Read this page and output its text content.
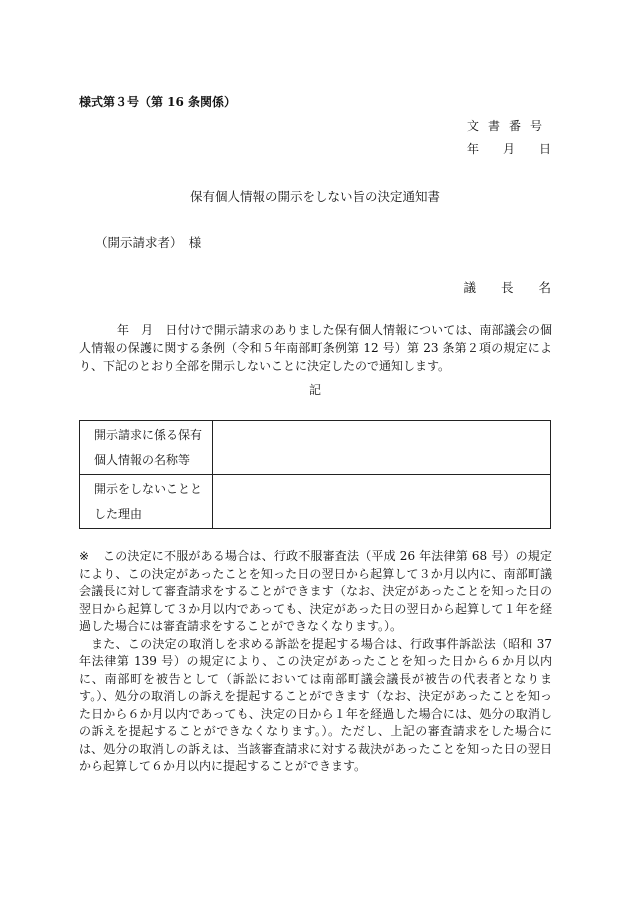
様式第３号（第 16 条関係）
文書番号
年　　月　　日
保有個人情報の開示をしない旨の決定通知書
（開示請求者）　様
議　　長　　名
年　月　日付けで開示請求のありました保有個人情報については、南部議会の個人情報の保護に関する条例（令和５年南部町条例第 12 号）第 23 条第２項の規定により、下記のとおり全部を開示しないことに決定したので通知します。
記
開示請求に係る保有個人情報の名称等	
開示をしないこととした理由	
※	この決定に不服がある場合は、行政不服審査法（平成 26 年法律第 68 号）の規定により、この決定があったことを知った日の翌日から起算して３か月以内に、南部町議会議長に対して審査請求をすることができます（なお、決定があったことを知った日の翌日から起算して３か月以内であっても、決定があった日の翌日から起算して１年を経過した場合には審査請求をすることができなくなります。）。

また、この決定の取消しを求める訴訟を提起する場合は、行政事件訴訟法（昭和 37 年法律第 139 号）の規定により、この決定があったことを知った日から６か月以内に、南部町を被告として（訴訟においては南部町議会議長が被告の代表者となります。）、処分の取消しの訴えを提起することができます（なお、決定があったことを知った日から６か月以内であっても、決定の日から１年を経過した場合には、処分の取消しの訴えを提起することができなくなります。）。ただし、上記の審査請求をした場合には、処分の取消しの訴えは、当該審査請求に対する裁決があったことを知った日の翌日から起算して６か月以内に提起することができます。
